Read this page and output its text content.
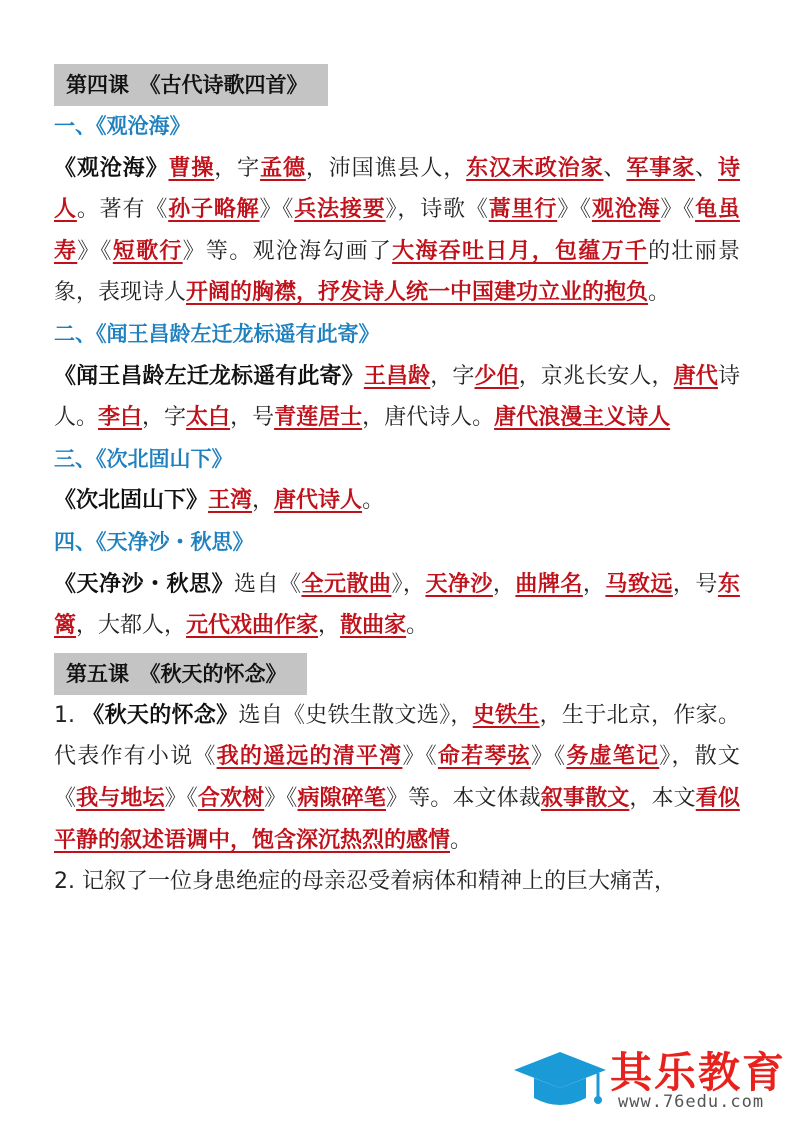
第四课　《古代诗歌四首》
一、《观沧海》
《观沧海》曹操，字孟德，沛国谯县人，东汉末政治家、军事家、诗人。著有《孙子略解》《兵法接要》，诗歌《蒿里行》《观沧海》《龟虽寿》《短歌行》等。观沧海勾画了大海吞吐日月，包蕴万千的壮丽景象，表现诗人开阔的胸襟，抒发诗人统一中国建功立业的抱负。
二、《闻王昌龄左迁龙标遥有此寄》
《闻王昌龄左迁龙标遥有此寄》王昌龄，字少伯，京兆长安人，唐代诗人。李白，字太白，号青莲居士，唐代诗人。唐代浪漫主义诗人
三、《次北固山下》
《次北固山下》王湾，唐代诗人。
四、《天净沙・秋思》
《天净沙・秋思》选自《全元散曲》，天净沙，曲牌名，马致远，号东篱，大都人，元代戏曲作家，散曲家。
第五课　《秋天的怀念》
1. 《秋天的怀念》选自《史铁生散文选》，史铁生，生于北京，作家。代表作有小说《我的遥远的清平湾》《命若琴弦》《务虚笔记》，散文《我与地坛》《合欢树》《病隙碎笔》等。本文体裁叙事散文，本文看似平静的叙述语调中，饱含深沉热烈的感情。
2. 记叙了一位身患绝症的母亲忍受着病体和精神上的巨大痛苦，
其乐教育
www.76edu.com
